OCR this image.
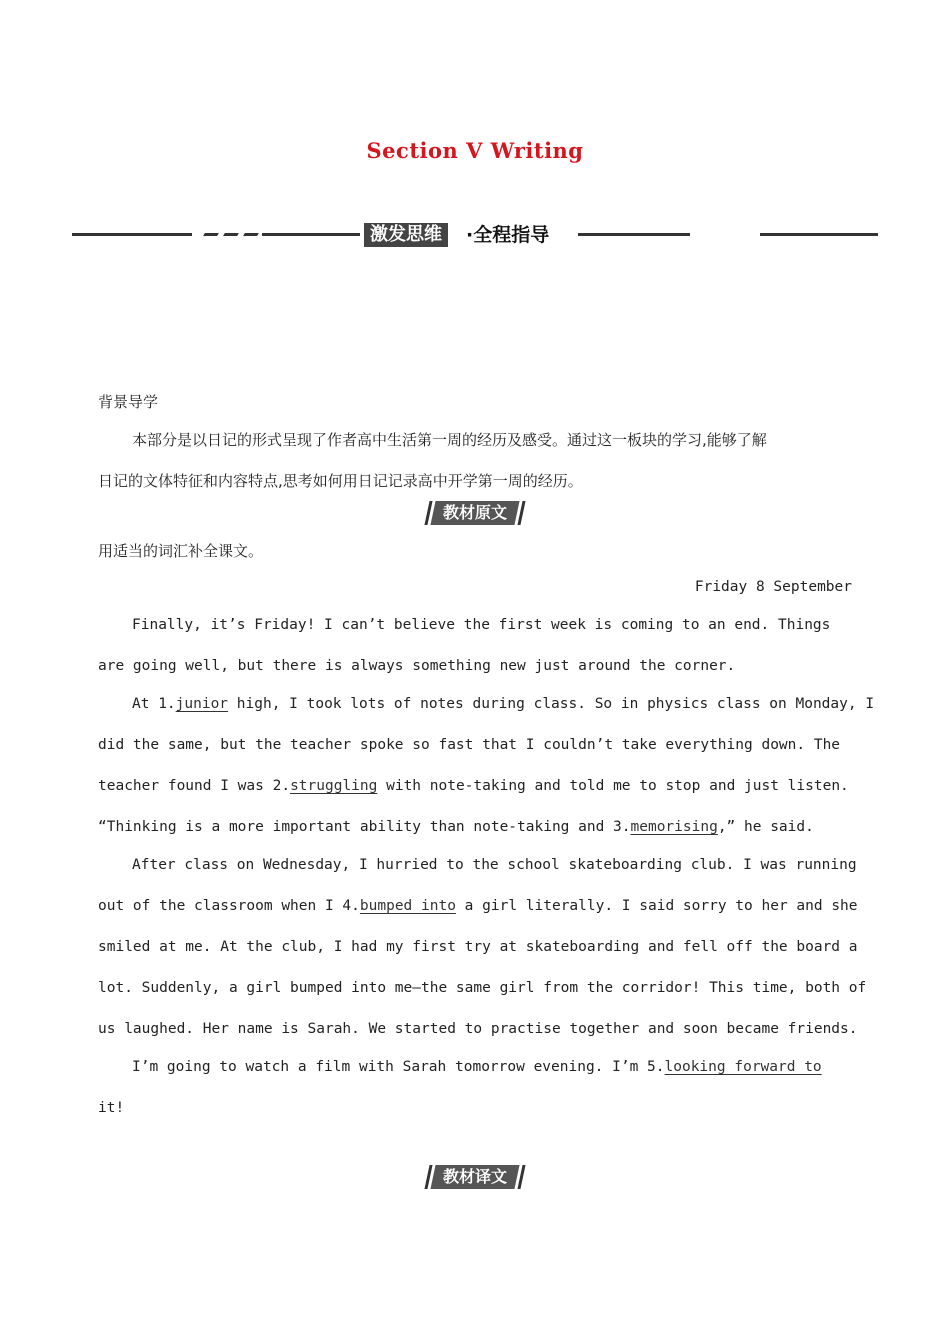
Section V Writing
激发思维	·全程指导
背景导学
本部分是以日记的形式呈现了作者高中生活第一周的经历及感受。通过这一板块的学习,能够了解
日记的文体特征和内容特点,思考如何用日记记录高中开学第一周的经历。
教材原文
用适当的词汇补全课文。
Friday 8 September
Finally, it’s Friday! I can’t believe the first week is coming to an end. Things
are going well, but there is always something new just around the corner.
At 1.junior high, I took lots of notes during class. So in physics class on Monday, I
did the same, but the teacher spoke so fast that I couldn’t take everything down. The
teacher found I was 2.struggling with note-taking and told me to stop and just listen.
“Thinking is a more important ability than note-taking and 3.memorising,” he said.
After class on Wednesday, I hurried to the school skateboarding club. I was running
out of the classroom when I 4.bumped into a girl literally. I said sorry to her and she
smiled at me. At the club, I had my first try at skateboarding and fell off the board a
lot. Suddenly, a girl bumped into me—the same girl from the corridor! This time, both of
us laughed. Her name is Sarah. We started to practise together and soon became friends.
I’m going to watch a film with Sarah tomorrow evening. I’m 5.looking forward to
it!
教材译文
